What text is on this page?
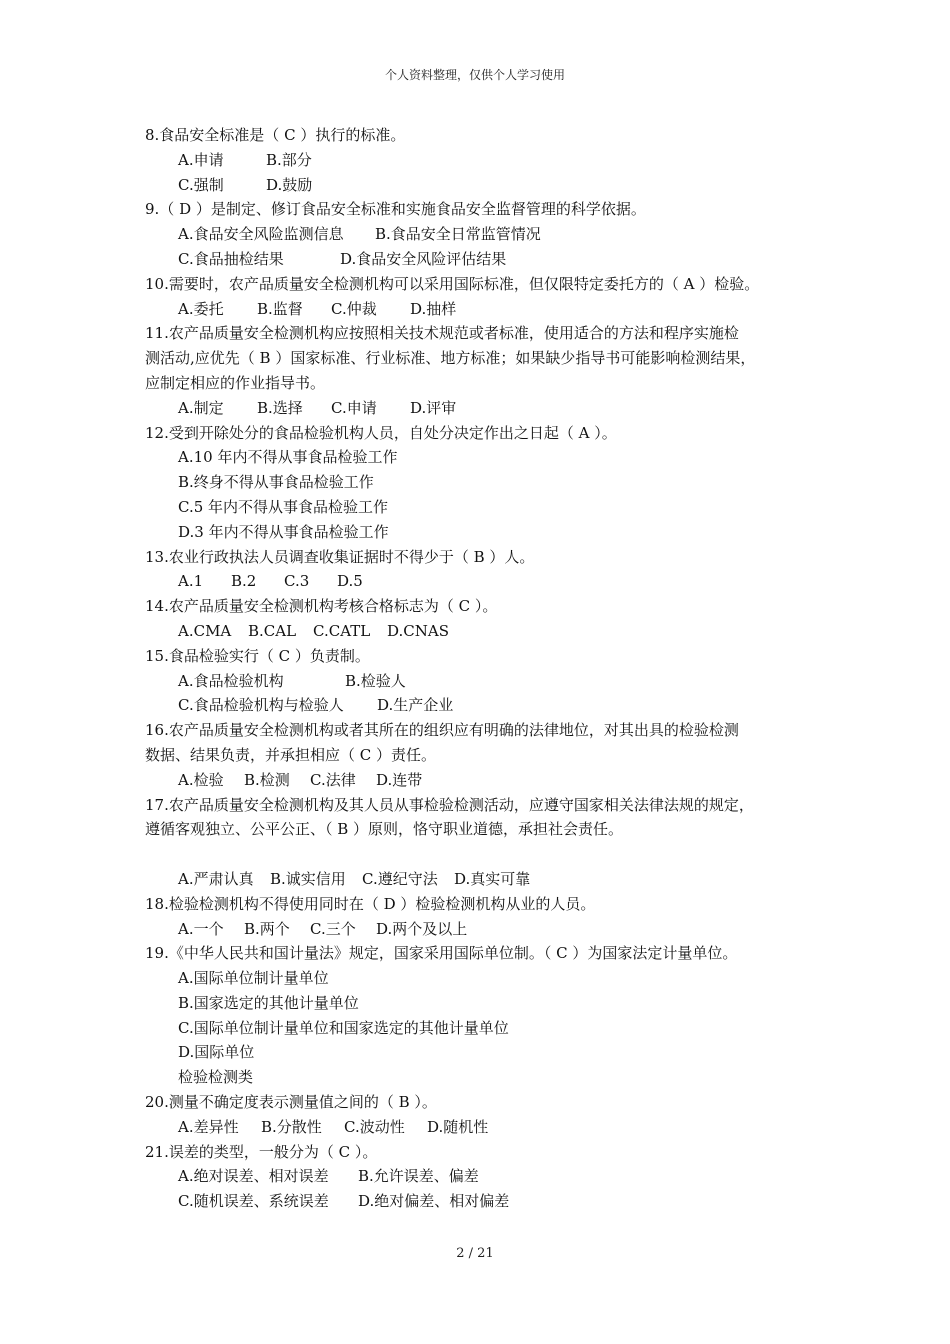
个人资料整理，仅供个人学习使用
8.食品安全标准是（ C ）执行的标准。
A.申请	B.部分
C.强制	D.鼓励
9.（ D ）是制定、修订食品安全标准和实施食品安全监督管理的科学依据。
A.食品安全风险监测信息 B.食品安全日常监管情况
C.食品抽检结果	D.食品安全风险评估结果
10.需要时，农产品质量安全检测机构可以采用国际标准，但仅限特定委托方的（ A ）检验。
A.委托 B.监督 C.仲裁 D.抽样
11.农产品质量安全检测机构应按照相关技术规范或者标准，使用适合的方法和程序实施检
测活动,应优先（ B ）国家标准、行业标准、地方标准；如果缺少指导书可能影响检测结果，
应制定相应的作业指导书。
A.制定 B.选择 C.申请 D.评审
12.受到开除处分的食品检验机构人员，自处分决定作出之日起（ A ）。
A.10 年内不得从事食品检验工作
B.终身不得从事食品检验工作
C.5 年内不得从事食品检验工作
D.3 年内不得从事食品检验工作
13.农业行政执法人员调查收集证据时不得少于（ B ）人。
A.1 B.2 C.3 D.5
14.农产品质量安全检测机构考核合格标志为（ C ）。
A.CMA B.CAL C.CATL D.CNAS
15.食品检验实行（ C ）负责制。
A.食品检验机构	B.检验人
C.食品检验机构与检验人 D.生产企业
16.农产品质量安全检测机构或者其所在的组织应有明确的法律地位，对其出具的检验检测
数据、结果负责，并承担相应（ C ）责任。
A.检验 B.检测 C.法律 D.连带
17.农产品质量安全检测机构及其人员从事检验检测活动，应遵守国家相关法律法规的规定，
遵循客观独立、公平公正、（ B ）原则，恪守职业道德，承担社会责任。
A.严肃认真 B.诚实信用 C.遵纪守法 D.真实可靠
18.检验检测机构不得使用同时在（ D ）检验检测机构从业的人员。
A.一个 B.两个 C.三个 D.两个及以上
19.《中华人民共和国计量法》规定，国家采用国际单位制。（ C ）为国家法定计量单位。
A.国际单位制计量单位
B.国家选定的其他计量单位
C.国际单位制计量单位和国家选定的其他计量单位
D.国际单位
检验检测类
20.测量不确定度表示测量值之间的（ B ）。
A.差异性 B.分散性 C.波动性 D.随机性
21.误差的类型，一般分为（ C ）。
A.绝对误差、相对误差 B.允许误差、偏差
C.随机误差、系统误差 D.绝对偏差、相对偏差
2 / 21
